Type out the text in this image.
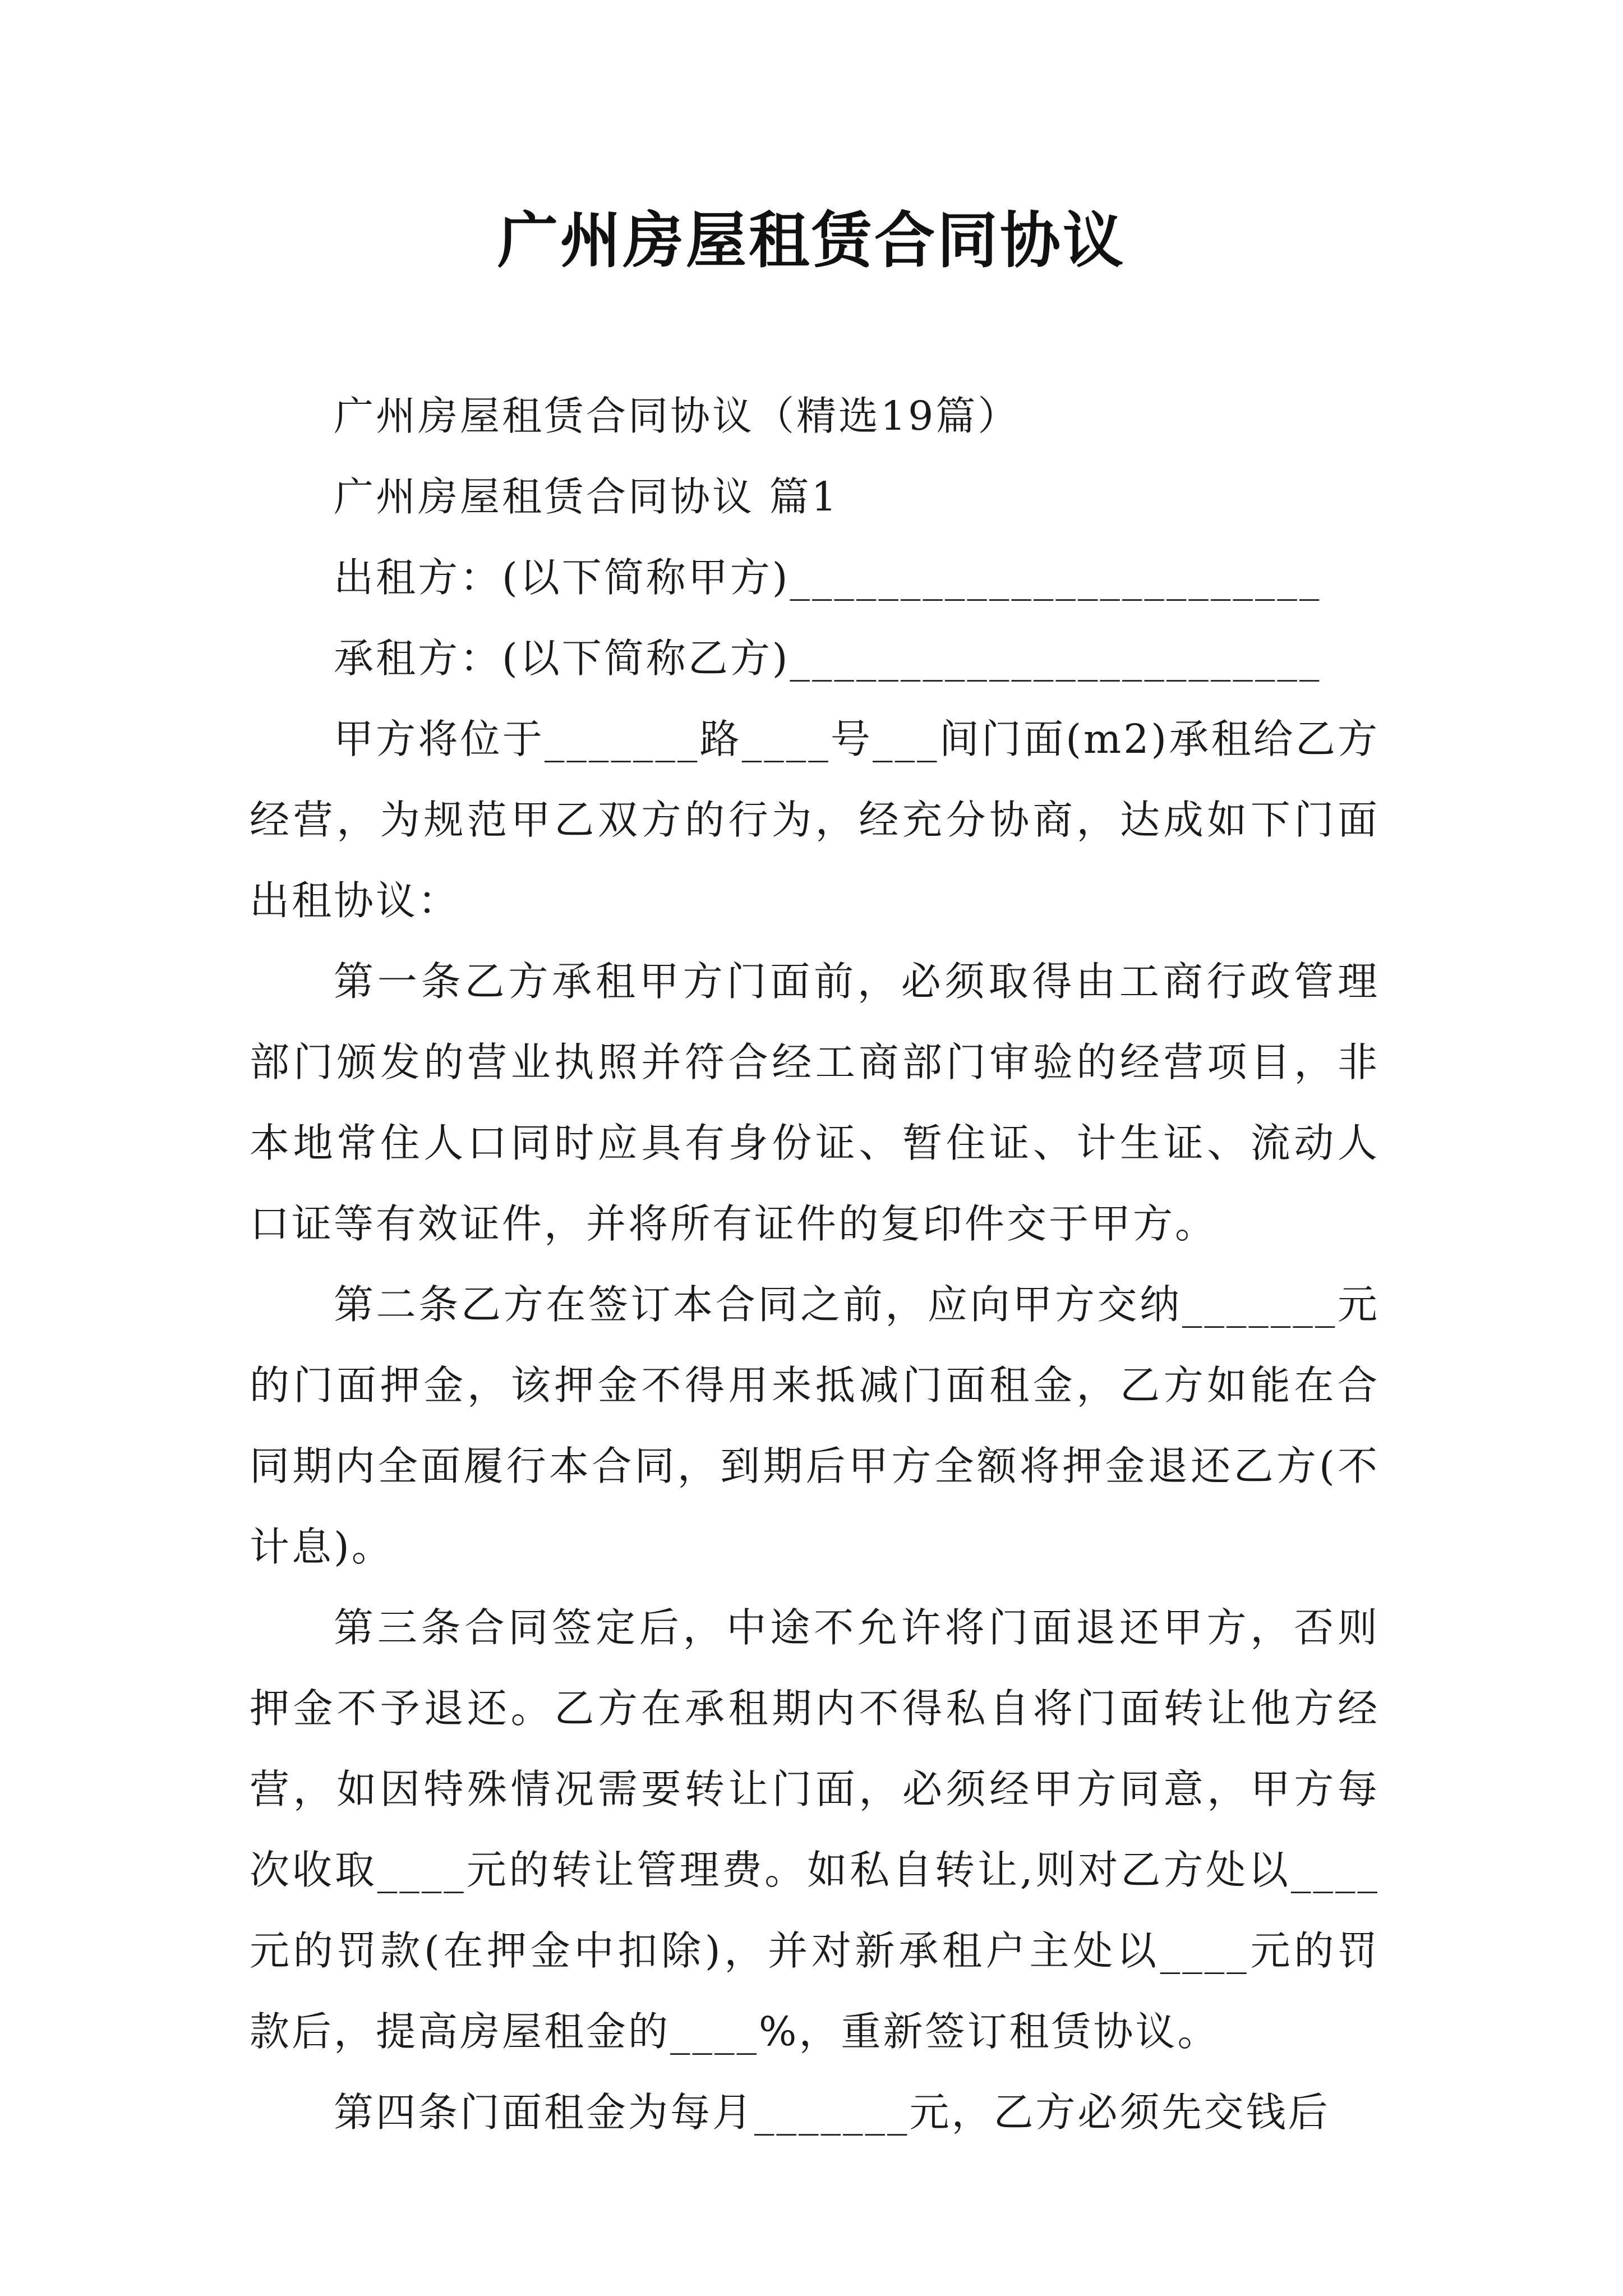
广州房屋租赁合同协议

广州房屋租赁合同协议（精选19篇）

广州房屋租赁合同协议 篇1

出租方：(以下简称甲方)________________________

承租方：(以下简称乙方)________________________

甲方将位于_______路____号___间门面(m2)承租给乙方经营，为规范甲乙双方的行为，经充分协商，达成如下门面出租协议：

第一条乙方承租甲方门面前，必须取得由工商行政管理部门颁发的营业执照并符合经工商部门审验的经营项目，非本地常住人口同时应具有身份证、暂住证、计生证、流动人口证等有效证件，并将所有证件的复印件交于甲方。

第二条乙方在签订本合同之前，应向甲方交纳_______元的门面押金，该押金不得用来抵减门面租金，乙方如能在合同期内全面履行本合同，到期后甲方全额将押金退还乙方(不计息)。

第三条合同签定后，中途不允许将门面退还甲方，否则押金不予退还。乙方在承租期内不得私自将门面转让他方经营，如因特殊情况需要转让门面，必须经甲方同意，甲方每次收取____元的转让管理费。如私自转让,则对乙方处以____元的罚款(在押金中扣除)，并对新承租户主处以____元的罚款后，提高房屋租金的____%，重新签订租赁协议。

第四条门面租金为每月_______元，乙方必须先交钱后
